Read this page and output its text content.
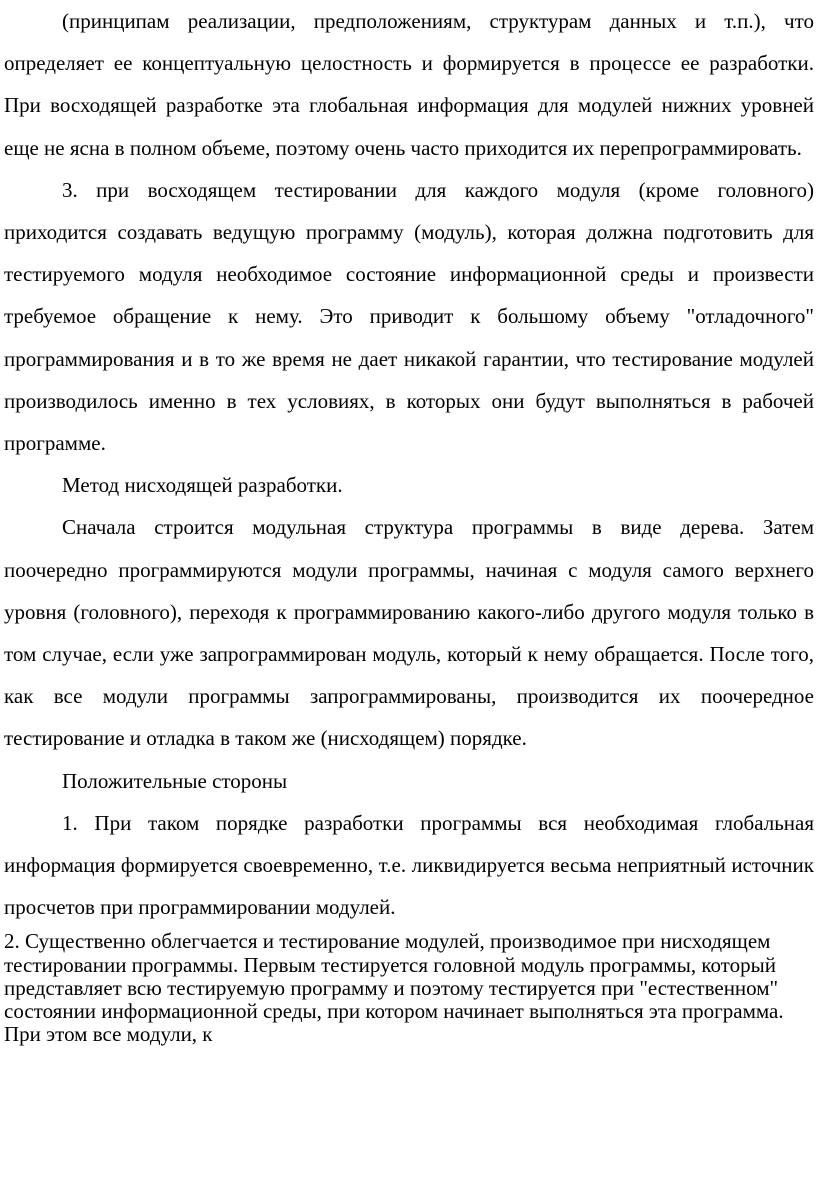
(принципам реализации, предположениям, структурам данных и т.п.), что определяет ее концептуальную целостность и формируется в процессе ее разработки. При восходящей разработке эта глобальная информация для модулей нижних уровней еще не ясна в полном объеме, поэтому очень часто приходится их перепрограммировать.

3. при восходящем тестировании для каждого модуля (кроме головного) приходится создавать ведущую программу (модуль), которая должна подготовить для тестируемого модуля необходимое состояние информационной среды и произвести требуемое обращение к нему. Это приводит к большому объему "отладочного" программирования и в то же время не дает никакой гарантии, что тестирование модулей производилось именно в тех условиях, в которых они будут выполняться в рабочей программе.

Метод нисходящей разработки.

Сначала строится модульная структура программы в виде дерева. Затем поочередно программируются модули программы, начиная с модуля самого верхнего уровня (головного), переходя к программированию какого-либо другого модуля только в том случае, если уже запрограммирован модуль, который к нему обращается. После того, как все модули программы запрограммированы, производится их поочередное тестирование и отладка в таком же (нисходящем) порядке.

Положительные стороны

1. При таком порядке разработки программы вся необходимая глобальная информация формируется своевременно, т.е. ликвидируется весьма неприятный источник просчетов при программировании модулей.

2. Существенно облегчается и тестирование модулей, производимое при нисходящем тестировании программы. Первым тестируется головной модуль программы, который представляет всю тестируемую программу и поэтому тестируется при "естественном" состоянии информационной среды, при котором начинает выполняться эта программа. При этом все модули, к
